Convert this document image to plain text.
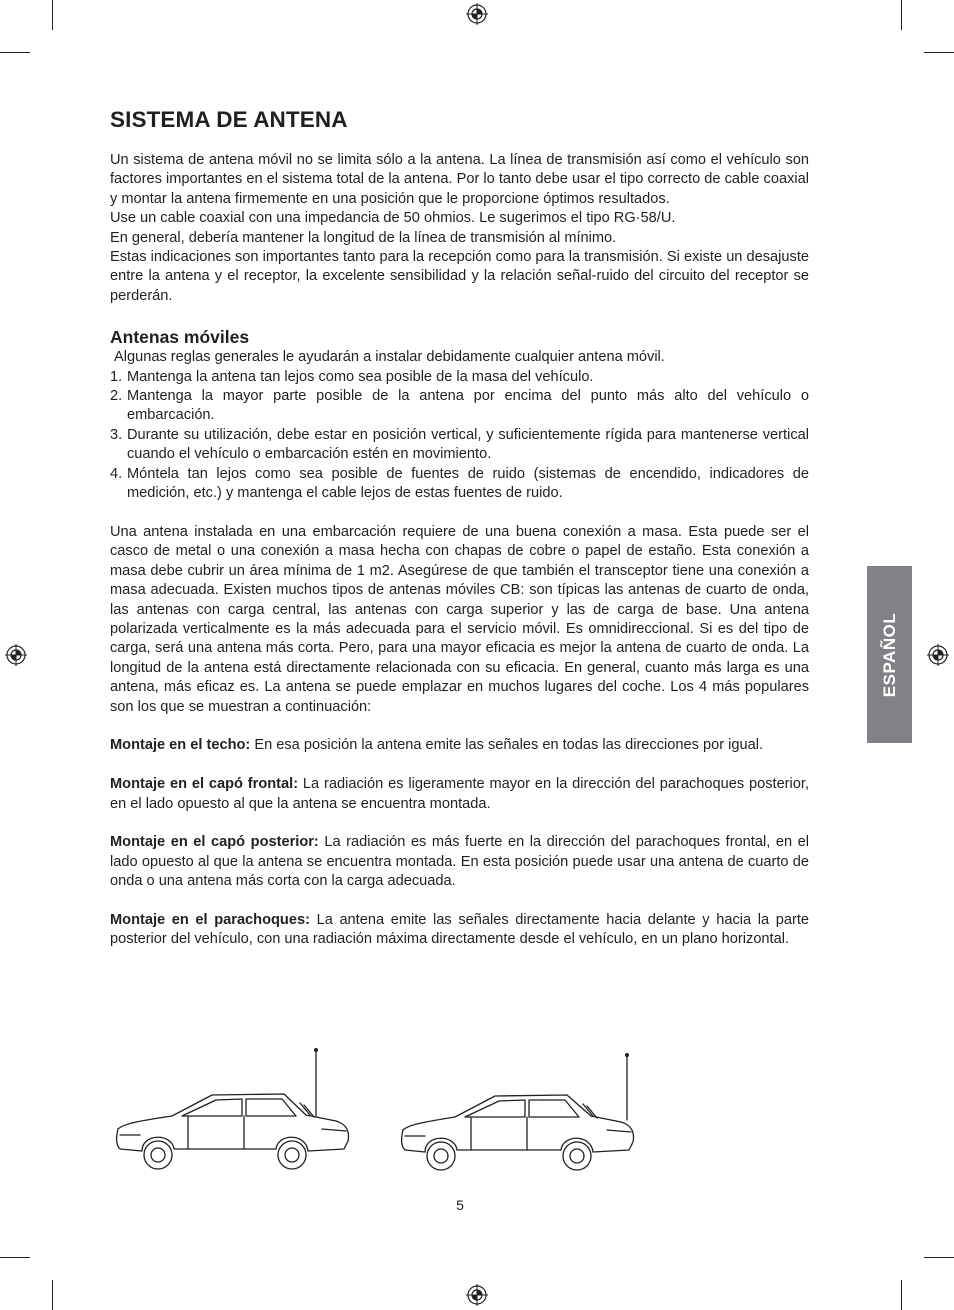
SISTEMA DE ANTENA

Un sistema de antena móvil no se limita sólo a la antena. La línea de transmisión así como el vehículo son factores importantes en el sistema total de la antena. Por lo tanto debe usar el tipo correcto de cable coaxial y montar la antena firmemente en una posición que le proporcione óptimos resultados.

Use un cable coaxial con una impedancia de 50 ohmios. Le sugerimos el tipo RG·58/U.

En general, debería mantener la longitud de la línea de transmisión al mínimo.

Estas indicaciones son importantes tanto para la recepción como para la transmisión. Si existe un desajuste entre la antena y el receptor, la excelente sensibilidad y la relación señal-ruido del circuito del receptor se perderán.

Antenas móviles

Algunas reglas generales le ayudarán a instalar debidamente cualquier antena móvil.

1. Mantenga la antena tan lejos como sea posible de la masa del vehículo.
2. Mantenga la mayor parte posible de la antena por encima del punto más alto del vehículo o embarcación.
3. Durante su utilización, debe estar en posición vertical, y suficientemente rígida para mantenerse vertical cuando el vehículo o embarcación estén en movimiento.
4. Móntela tan lejos como sea posible de fuentes de ruido (sistemas de encendido, indicadores de medición, etc.) y mantenga el cable lejos de estas fuentes de ruido.

Una antena instalada en una embarcación requiere de una buena conexión a masa. Esta puede ser el casco de metal o una conexión a masa hecha con chapas de cobre o papel de estaño. Esta conexión a masa debe cubrir un área mínima de 1 m2. Asegúrese de que también el transceptor tiene una conexión a masa adecuada. Existen muchos tipos de antenas móviles CB: son típicas las antenas de cuarto de onda, las antenas con carga central, las antenas con carga superior y las de carga de base. Una antena polarizada verticalmente es la más adecuada para el servicio móvil. Es omnidireccional. Si es del tipo de carga, será una antena más corta. Pero, para una mayor eficacia es mejor la antena de cuarto de onda. La longitud de la antena está directamente relacionada con su eficacia. En general, cuanto más larga es una antena, más eficaz es. La antena se puede emplazar en muchos lugares del coche. Los 4 más populares son los que se muestran a continuación:

Montaje en el techo: En esa posición la antena emite las señales en todas las direcciones por igual.

Montaje en el capó frontal: La radiación es ligeramente mayor en la dirección del parachoques posterior, en el lado opuesto al que la antena se encuentra montada.

Montaje en el capó posterior: La radiación es más fuerte en la dirección del parachoques frontal, en el lado opuesto al que la antena se encuentra montada. En esta posición puede usar una antena de cuarto de onda o una antena más corta con la carga adecuada.

Montaje en el parachoques: La antena emite las señales directamente hacia delante y hacia la parte posterior del vehículo, con una radiación máxima directamente desde el vehículo, en un plano horizontal.

ESPAÑOL
5
